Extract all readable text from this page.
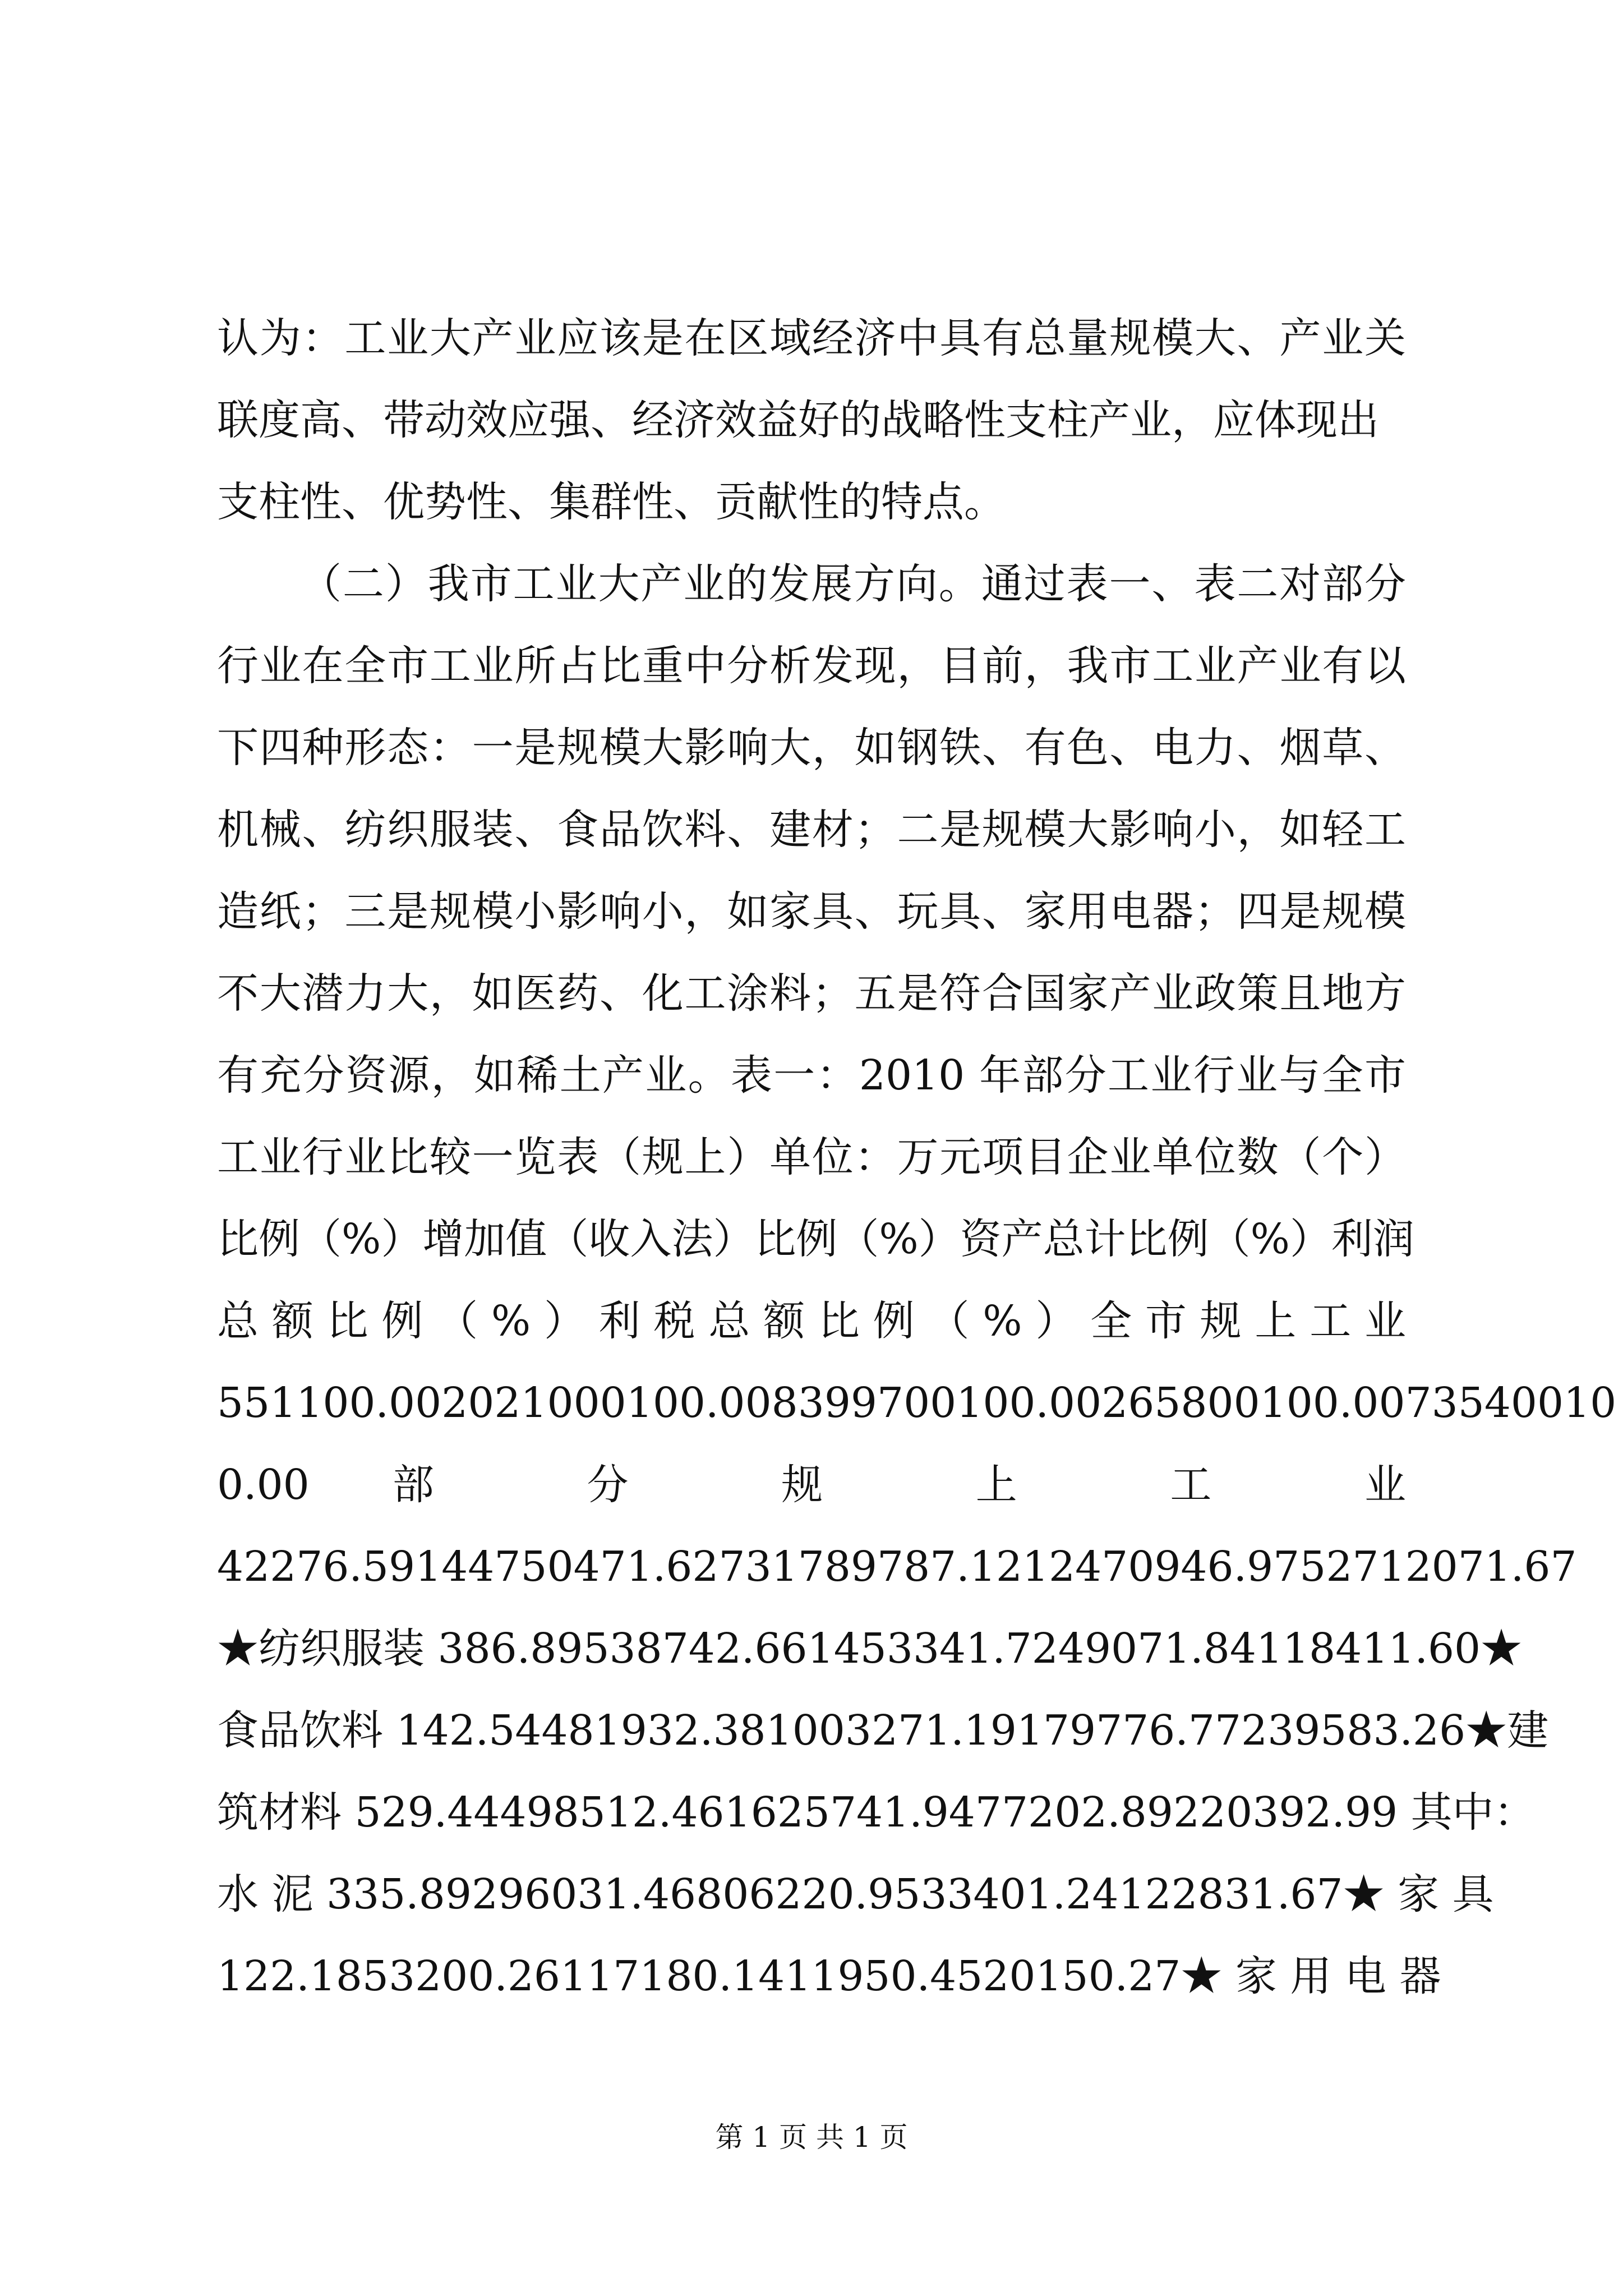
认为：工业大产业应该是在区域经济中具有总量规模大、产业关
联度高、带动效应强、经济效益好的战略性支柱产业，应体现出
支柱性、优势性、集群性、贡献性的特点。
（二）我市工业大产业的发展方向。通过表一、表二对部分
行业在全市工业所占比重中分析发现，目前，我市工业产业有以
下四种形态：一是规模大影响大，如钢铁、有色、电力、烟草、
机械、纺织服装、食品饮料、建材；二是规模大影响小，如轻工
造纸；三是规模小影响小，如家具、玩具、家用电器；四是规模
不大潜力大，如医药、化工涂料；五是符合国家产业政策且地方
有充分资源，如稀土产业。表一：2010 年部分工业行业与全市
工业行业比较一览表（规上）单位：万元项目企业单位数（个）
比例（%）增加值（收入法）比例（%）资产总计比例（%）利润
总额比例（%）利税总额比例（%）全市规上工业
551100.002021000100.008399700100.00265800100.0073540010
0.00 部 分 规 上 工 业
42276.59144750471.62731789787.1212470946.9752712071.67
★纺织服装 386.89538742.661453341.7249071.84118411.60★
食品饮料 142.54481932.381003271.19179776.77239583.26★建
筑材料 529.44498512.461625741.9477202.89220392.99 其中：
水 泥 335.89296031.46806220.9533401.24122831.67★ 家 具
122.1853200.26117180.1411950.4520150.27★ 家 用 电 器
第 1 页 共 1 页
